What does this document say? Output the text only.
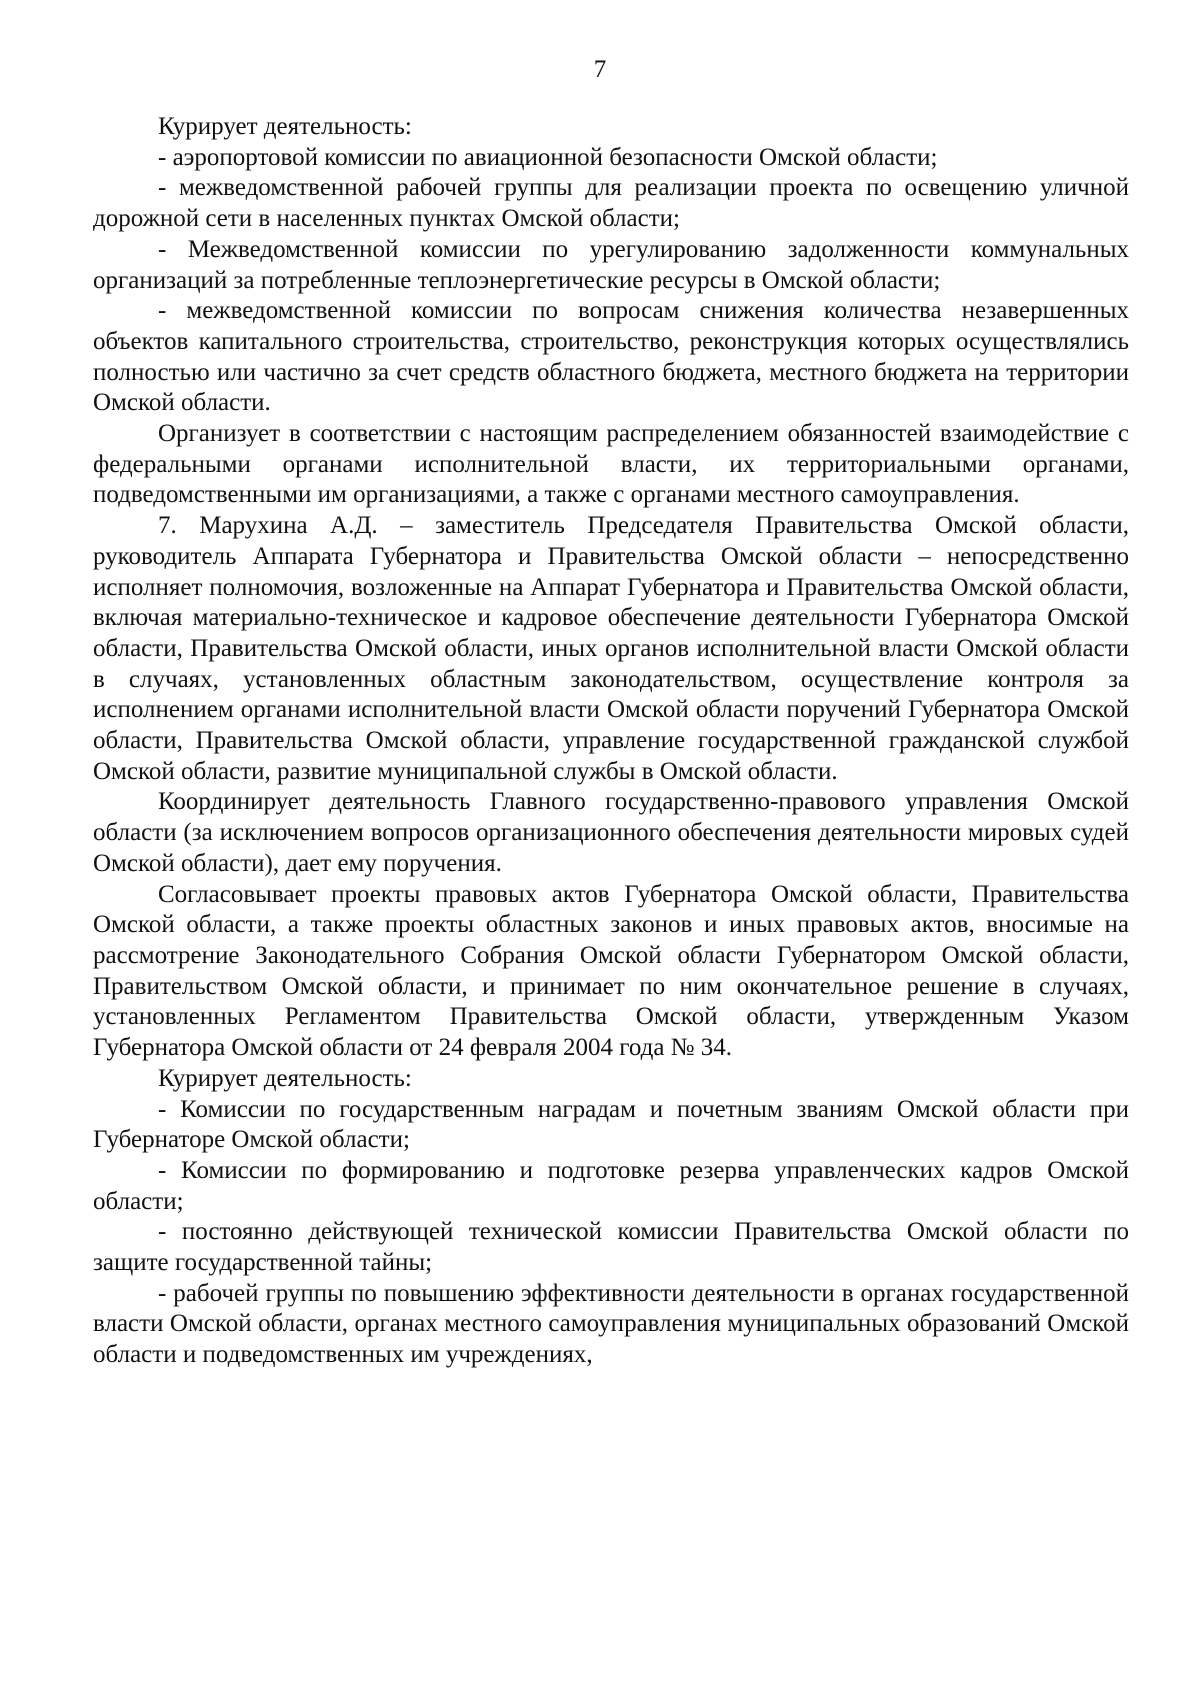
7

Курирует деятельность:

- аэропортовой комиссии по авиационной безопасности Омской области;

- межведомственной рабочей группы для реализации проекта по освещению уличной дорожной сети в населенных пунктах Омской области;

- Межведомственной комиссии по урегулированию задолженности коммунальных организаций за потребленные теплоэнергетические ресурсы в Омской области;

- межведомственной комиссии по вопросам снижения количества незавершенных объектов капитального строительства, строительство, реконструкция которых осуществлялись полностью или частично за счет средств областного бюджета, местного бюджета на территории Омской области.

Организует в соответствии с настоящим распределением обязанностей взаимодействие с федеральными органами исполнительной власти, их территориальными органами, подведомственными им организациями, а также с органами местного самоуправления.

7. Марухина А.Д. – заместитель Председателя Правительства Омской области, руководитель Аппарата Губернатора и Правительства Омской области – непосредственно исполняет полномочия, возложенные на Аппарат Губернатора и Правительства Омской области, включая материально-техническое и кадровое обеспечение деятельности Губернатора Омской области, Правительства Омской области, иных органов исполнительной власти Омской области в случаях, установленных областным законодательством, осуществление контроля за исполнением органами исполнительной власти Омской области поручений Губернатора Омской области, Правительства Омской области, управление государственной гражданской службой Омской области, развитие муниципальной службы в Омской области.

Координирует деятельность Главного государственно-правового управления Омской области (за исключением вопросов организационного обеспечения деятельности мировых судей Омской области), дает ему поручения.

Согласовывает проекты правовых актов Губернатора Омской области, Правительства Омской области, а также проекты областных законов и иных правовых актов, вносимые на рассмотрение Законодательного Собрания Омской области Губернатором Омской области, Правительством Омской области, и принимает по ним окончательное решение в случаях, установленных Регламентом Правительства Омской области, утвержденным Указом Губернатора Омской области от 24 февраля 2004 года № 34.

Курирует деятельность:

- Комиссии по государственным наградам и почетным званиям Омской области при Губернаторе Омской области;

- Комиссии по формированию и подготовке резерва управленческих кадров Омской области;

- постоянно действующей технической комиссии Правительства Омской области по защите государственной тайны;

- рабочей группы по повышению эффективности деятельности в органах государственной власти Омской области, органах местного самоуправления муниципальных образований Омской области и подведомственных им учреждениях,
